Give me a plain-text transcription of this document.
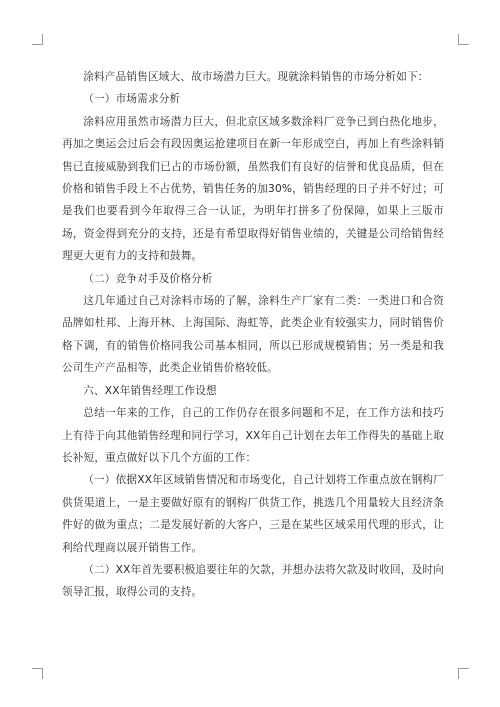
涂料产品销售区域大、故市场潜力巨大。现就涂料销售的市场分析如下：

（一）市场需求分析

涂料应用虽然市场潜力巨大，但北京区域多数涂料厂竞争已到白热化地步，再加之奥运会过后会有段因奥运抢建项目在新一年形成空白，再加上有些涂料销售已直接威胁到我们已占的市场份额，虽然我们有良好的信誉和优良品质，但在价格和销售手段上不占优势，销售任务的加30%，销售经理的日子并不好过；可是我们也要看到今年取得三合一认证，为明年打拼多了份保障，如果上三版市场，资金得到充分的支持，还是有希望取得好销售业绩的，关键是公司给销售经理更大更有力的支持和鼓舞。

（二）竞争对手及价格分析

这几年通过自己对涂料市场的了解，涂料生产厂家有二类：一类进口和合资品牌如杜邦、上海开林、上海国际、海虹等，此类企业有较强实力，同时销售价格下调，有的销售价格同我公司基本相同，所以已形成规模销售；另一类是和我公司生产产品相等，此类企业销售价格较低。

六、XX年销售经理工作设想

总结一年来的工作，自己的工作仍存在很多问题和不足，在工作方法和技巧上有待于向其他销售经理和同行学习，XX年自己计划在去年工作得失的基础上取长补短，重点做好以下几个方面的工作：

（一）依据XX年区域销售情况和市场变化，自己计划将工作重点放在钢构厂供货渠道上，一是主要做好原有的钢构厂供货工作，挑选几个用量较大且经济条件好的做为重点；二是发展好新的大客户，三是在某些区域采用代理的形式，让利给代理商以展开销售工作。

（二）XX年首先要积极追要往年的欠款，并想办法将欠款及时收回，及时向领导汇报，取得公司的支持。
